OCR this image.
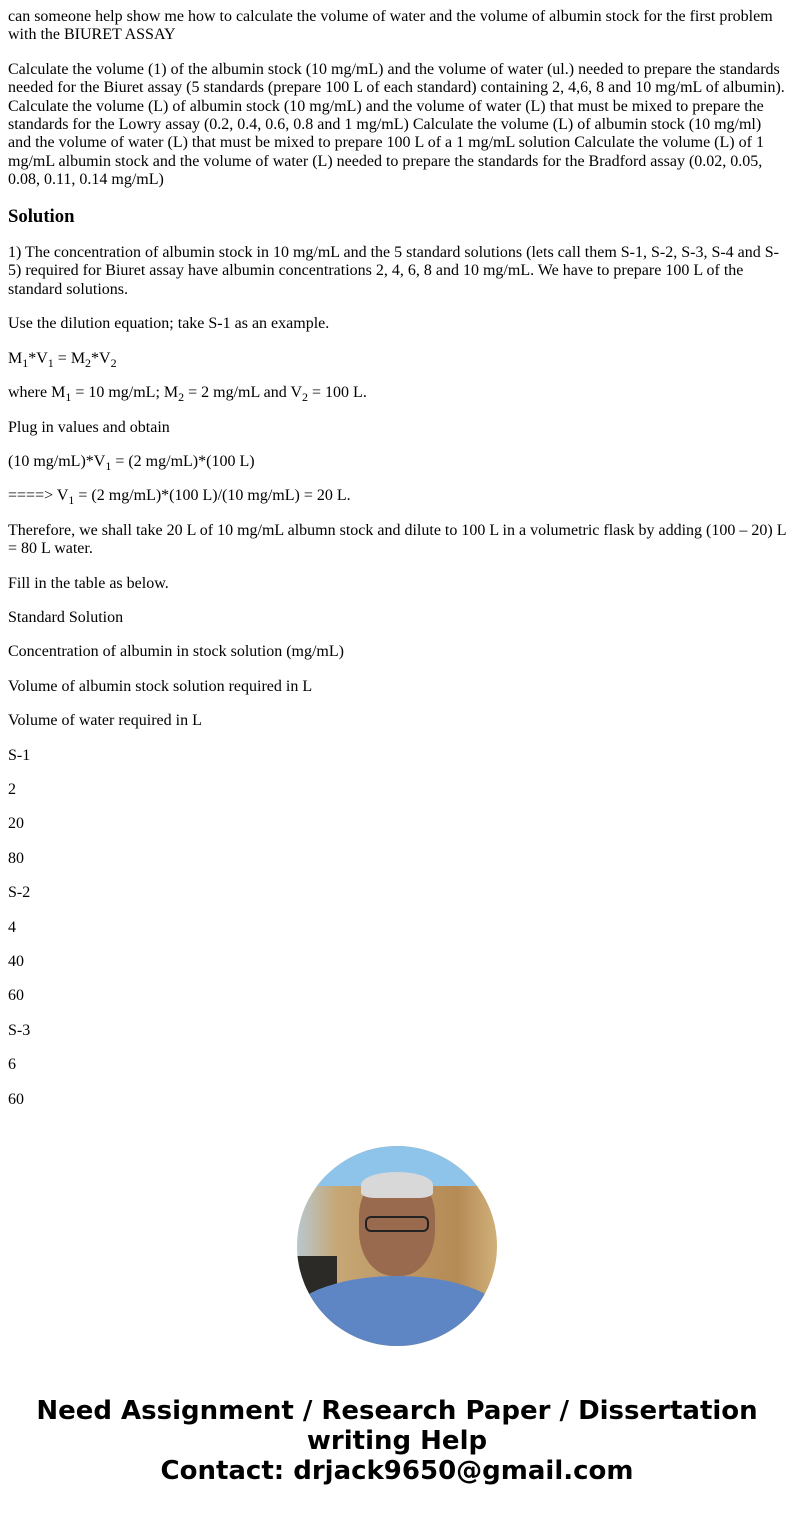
can someone help show me how to calculate the volume of water and the volume of albumin stock for the first problem with the BIURET ASSAY

Calculate the volume (1) of the albumin stock (10 mg/mL) and the volume of water (ul.) needed to prepare the standards needed for the Biuret assay (5 standards (prepare 100 L of each standard) containing 2, 4,6, 8 and 10 mg/mL of albumin). Calculate the volume (L) of albumin stock (10 mg/mL) and the volume of water (L) that must be mixed to prepare the standards for the Lowry assay (0.2, 0.4, 0.6, 0.8 and 1 mg/mL) Calculate the volume (L) of albumin stock (10 mg/ml) and the volume of water (L) that must be mixed to prepare 100 L of a 1 mg/mL solution Calculate the volume (L) of 1 mg/mL albumin stock and the volume of water (L) needed to prepare the standards for the Bradford assay (0.02, 0.05, 0.08, 0.11, 0.14 mg/mL)

Solution

1) The concentration of albumin stock in 10 mg/mL and the 5 standard solutions (lets call them S-1, S-2, S-3, S-4 and S-5) required for Biuret assay have albumin concentrations 2, 4, 6, 8 and 10 mg/mL. We have to prepare 100 L of the standard solutions.

Use the dilution equation; take S-1 as an example.

$M_1*V_1 = M_2*V_2$

where $M_1 = 10$ mg/mL; $M_2 = 2$ mg/mL and $V_2 = 100$ L.

Plug in values and obtain

(10 $mg/mL)*V_1 = (2$ mg/mL)*(100 L)

====> $V_1 = (2$ mg/mL)*(100 L)/(10 mg/mL) = 20 L.

Therefore, we shall take 20 L of 10 mg/mL albumn stock and dilute to 100 L in a volumetric flask by adding (100 – 20) L = 80 L water.

Fill in the table as below.

Standard Solution

Concentration of albumin in stock solution (mg/mL)

Volume of albumin stock solution required in L

Volume of water required in L

S-1

2

20

80

S-2

4

40

60

S-3

6

60

Need Assignment / Research Paper / Dissertation writing Help
Contact: drjack9650@gmail.com
